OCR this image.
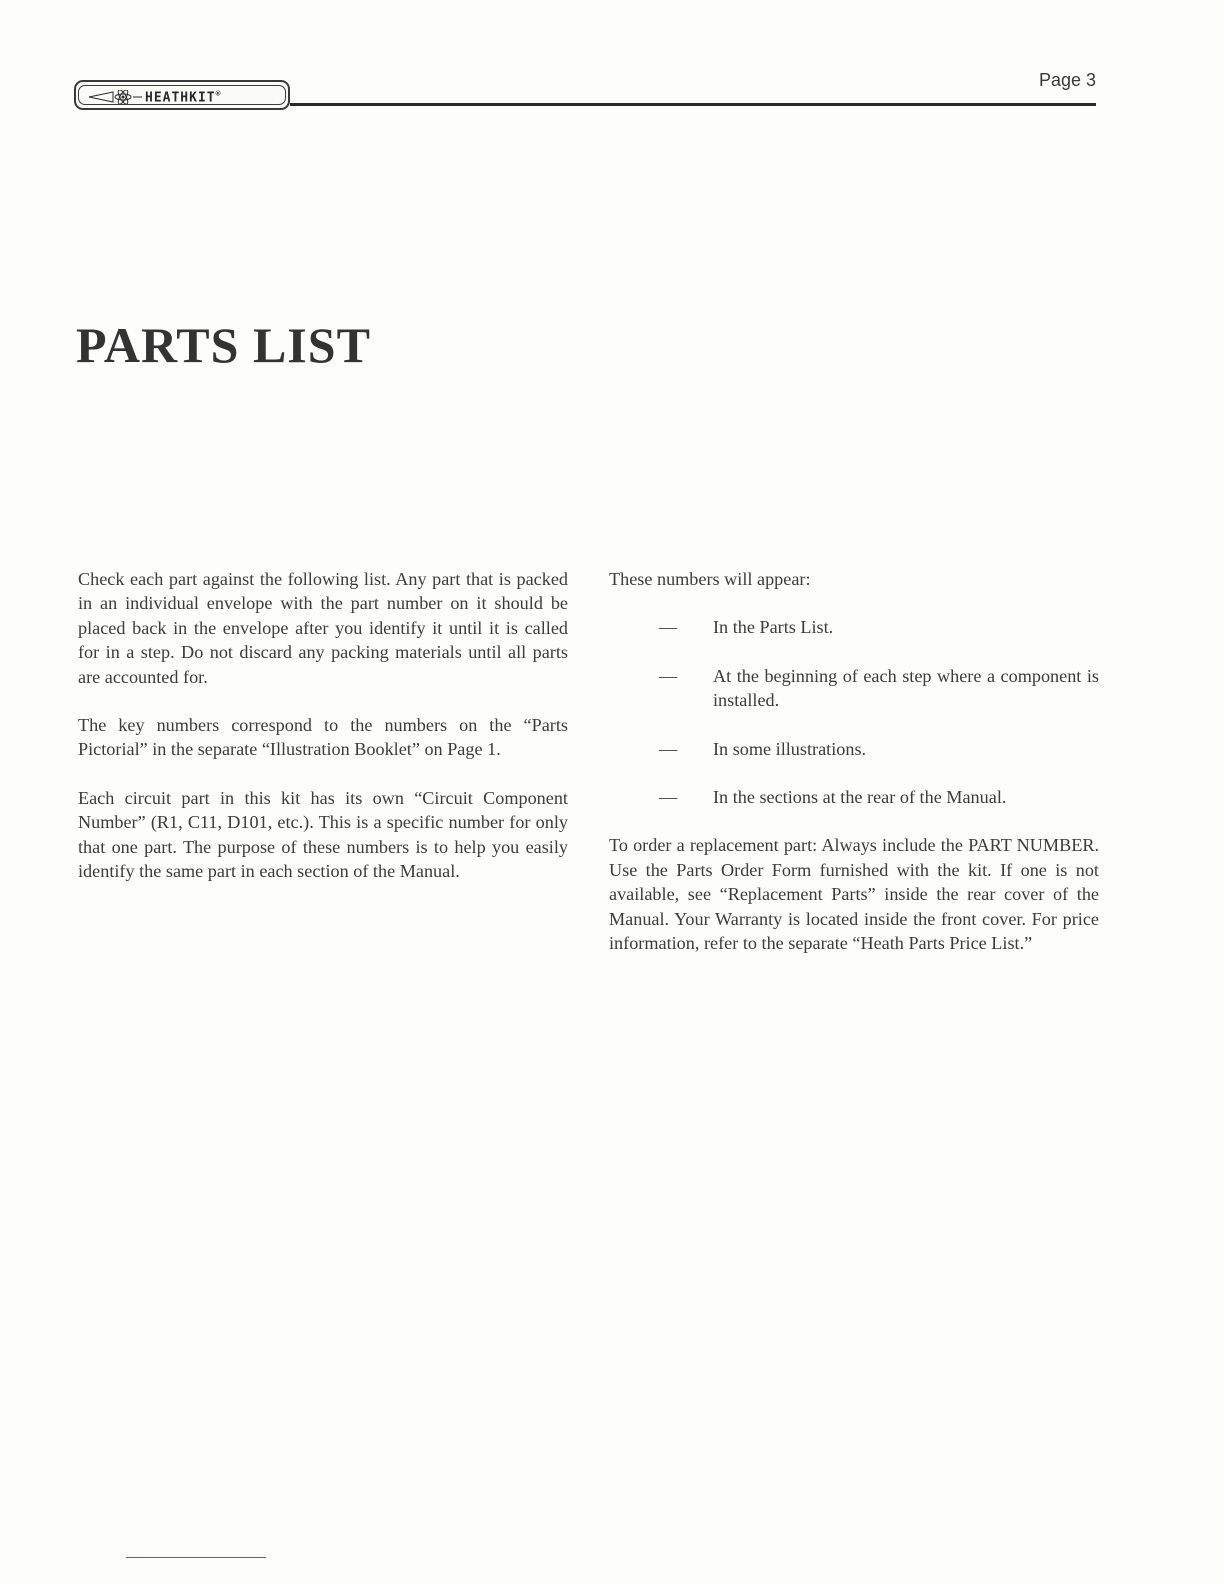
HEATHKIT®
Page 3
PARTS LIST

Check each part against the following list. Any part that is packed in an individual envelope with the part number on it should be placed back in the envelope after you identify it until it is called for in a step. Do not discard any packing materials until all parts are accounted for.

The key numbers correspond to the numbers on the “Parts Pictorial” in the separate “Illustration Booklet” on Page 1.

Each circuit part in this kit has its own “Circuit Component Number” (R1, C11, D101, etc.). This is a specific number for only that one part. The purpose of these numbers is to help you easily identify the same part in each section of the Manual.

These numbers will appear:

— In the Parts List.
— At the beginning of each step where a component is installed.
— In some illustrations.
— In the sections at the rear of the Manual.

To order a replacement part: Always include the PART NUMBER. Use the Parts Order Form furnished with the kit. If one is not available, see “Replacement Parts” inside the rear cover of the Manual. Your Warranty is located inside the front cover. For price information, refer to the separate “Heath Parts Price List.”
